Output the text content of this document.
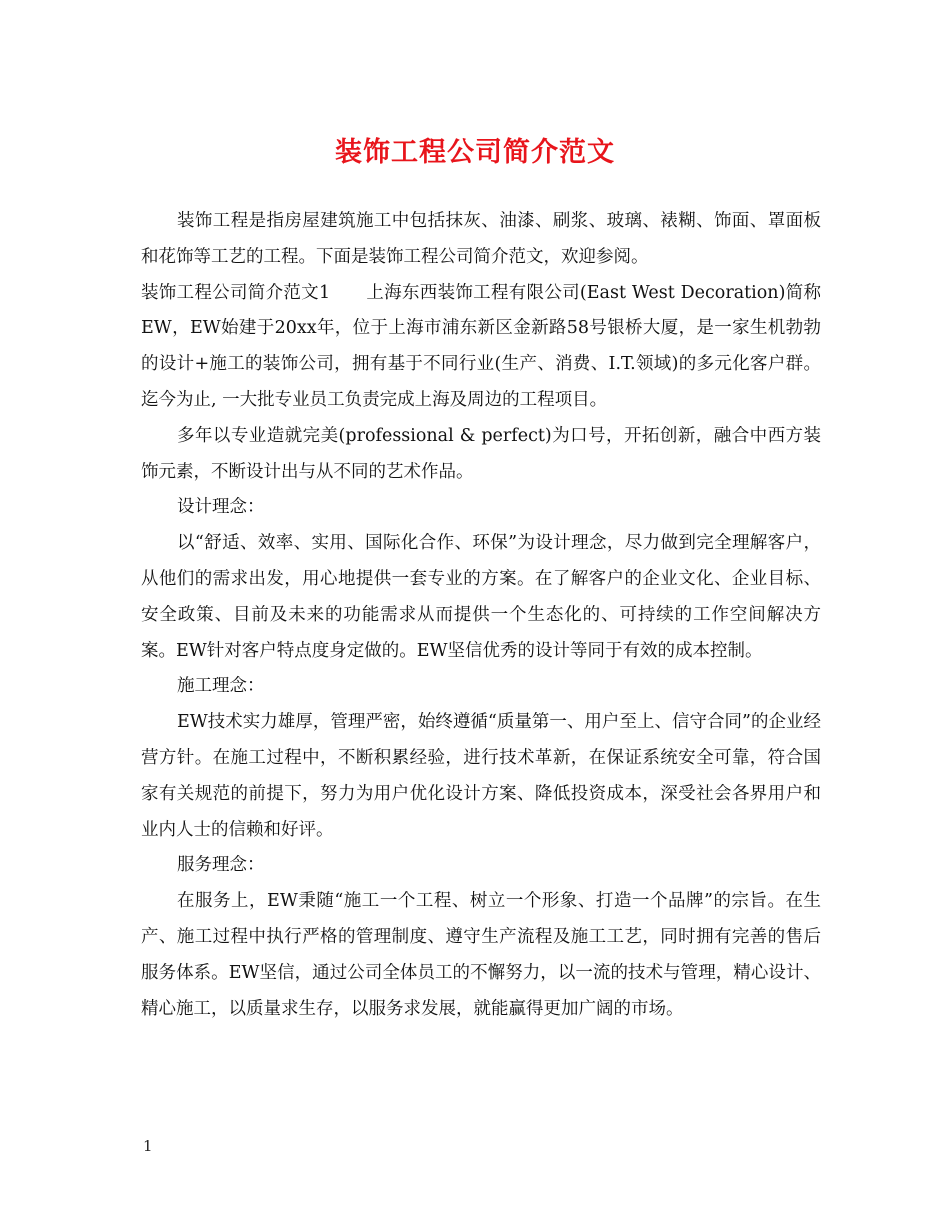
装饰工程公司简介范文

装饰工程是指房屋建筑施工中包括抹灰、油漆、刷浆、玻璃、裱糊、饰面、罩面板和花饰等工艺的工程。下面是装饰工程公司简介范文，欢迎参阅。

装饰工程公司简介范文1 上海东西装饰工程有限公司(East West Decoration)简称EW，EW始建于20xx年，位于上海市浦东新区金新路58号银桥大厦，是一家生机勃勃的设计+施工的装饰公司，拥有基于不同行业(生产、消费、I.T.领域)的多元化客户群。迄今为止, 一大批专业员工负责完成上海及周边的工程项目。

多年以专业造就完美(professional & perfect)为口号，开拓创新，融合中西方装饰元素，不断设计出与从不同的艺术作品。

设计理念：

以“舒适、效率、实用、国际化合作、环保”为设计理念，尽力做到完全理解客户，从他们的需求出发，用心地提供一套专业的方案。在了解客户的企业文化、企业目标、安全政策、目前及未来的功能需求从而提供一个生态化的、可持续的工作空间解决方案。EW针对客户特点度身定做的。EW坚信优秀的设计等同于有效的成本控制。

施工理念：

EW技术实力雄厚，管理严密，始终遵循“质量第一、用户至上、信守合同”的企业经营方针。在施工过程中，不断积累经验，进行技术革新，在保证系统安全可靠，符合国家有关规范的前提下，努力为用户优化设计方案、降低投资成本，深受社会各界用户和业内人士的信赖和好评。

服务理念：

在服务上，EW秉随“施工一个工程、树立一个形象、打造一个品牌”的宗旨。在生产、施工过程中执行严格的管理制度、遵守生产流程及施工工艺，同时拥有完善的售后服务体系。EW坚信，通过公司全体员工的不懈努力，以一流的技术与管理，精心设计、精心施工，以质量求生存，以服务求发展，就能赢得更加广阔的市场。

1
